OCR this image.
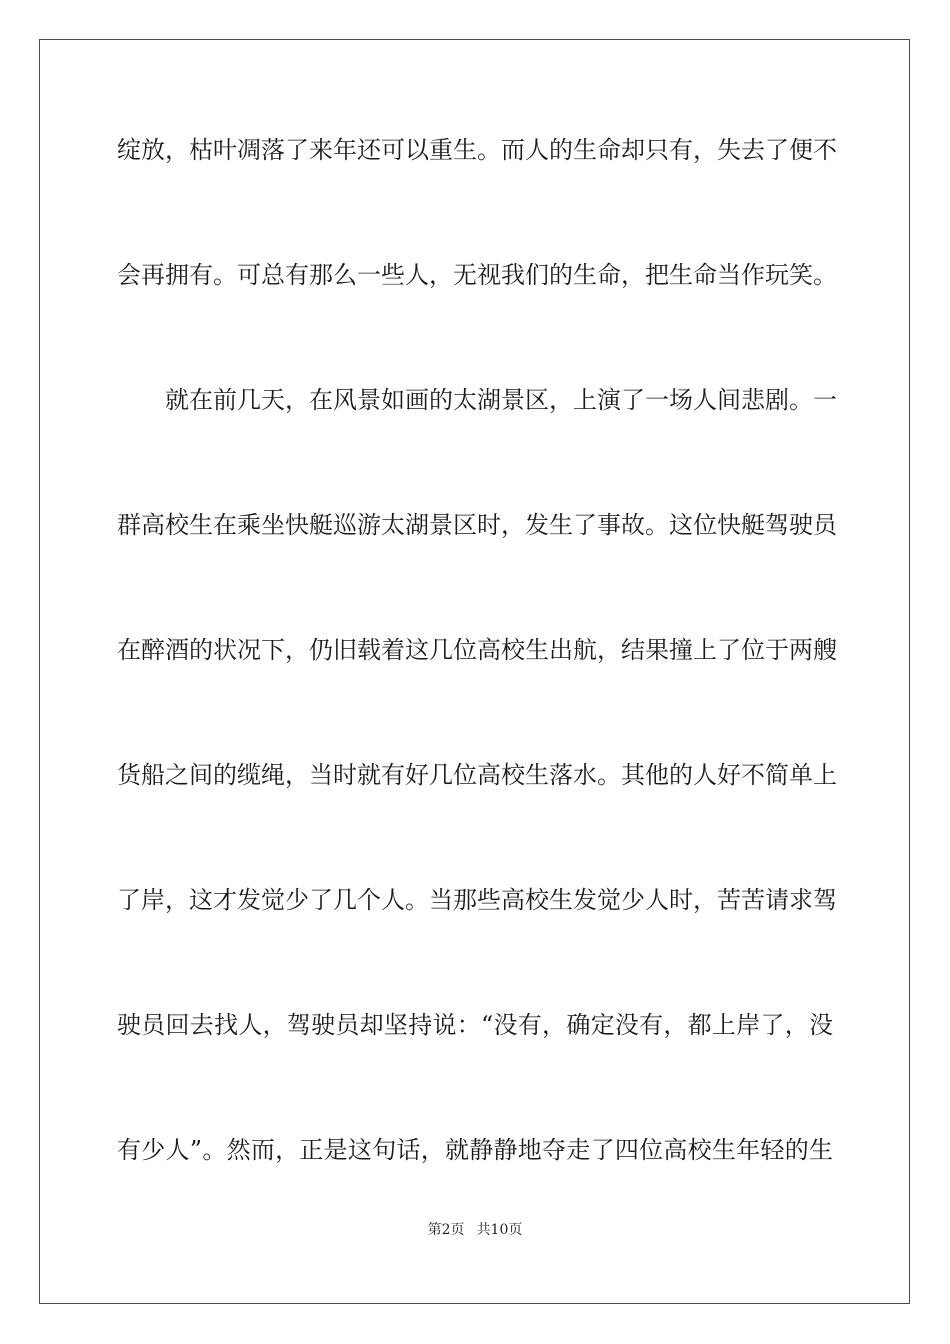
绽放，枯叶凋落了来年还可以重生。而人的生命却只有，失去了便不
会再拥有。可总有那么一些人，无视我们的生命，把生命当作玩笑。
就在前几天，在风景如画的太湖景区，上演了一场人间悲剧。一
群高校生在乘坐快艇巡游太湖景区时，发生了事故。这位快艇驾驶员
在醉酒的状况下，仍旧载着这几位高校生出航，结果撞上了位于两艘
货船之间的缆绳，当时就有好几位高校生落水。其他的人好不简单上
了岸，这才发觉少了几个人。当那些高校生发觉少人时，苦苦请求驾
驶员回去找人，驾驶员却坚持说：“没有，确定没有，都上岸了，没
有少人”。然而，正是这句话，就静静地夺走了四位高校生年轻的生
第2页 共10页
